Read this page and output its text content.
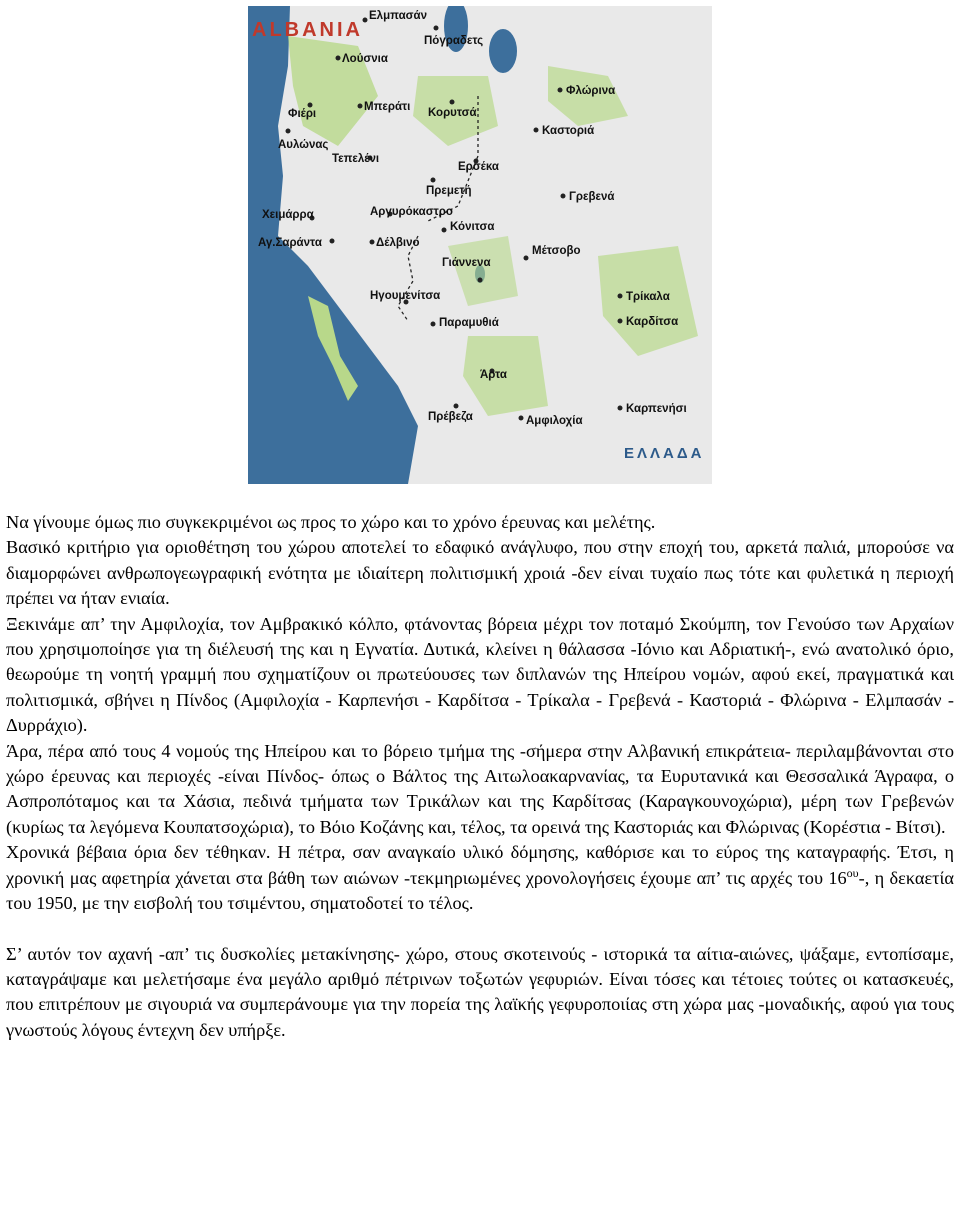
ALBANIA
ΕΛΛΑΔΑ
Ελμπασάν
Λούσνια
Πόγραδετς
Φλώρινα
Φιέρι
Μπεράτι Κορυτσά
Αυλώνας
Καστοριά
Τεπελένι
Ερσέκα
Πρεμετή
Χειμάρρα	Αργυρόκαστρο
Γρεβενά
Κόνιτσα
Αγ.Σαράντα	Δέλβινο
Μέτσοβο
Γιάννενα
Τρίκαλα
Ηγουμενίτσα
Καρδίτσα
Παραμυθιά
Άρτα
Πρέβεζα
Καρπενήσι
Αμφιλοχία

Να γίνουμε όμως πιο συγκεκριμένοι ως προς το χώρο και το χρόνο έρευνας και μελέτης.

Βασικό κριτήριο για οριοθέτηση του χώρου αποτελεί το εδαφικό ανάγλυφο, που στην εποχή του, αρκετά παλιά, μπορούσε να διαμορφώνει ανθρωπογεωγραφική ενότητα με ιδιαίτερη πολιτισμική χροιά -δεν είναι τυχαίο πως τότε και φυλετικά η περιοχή πρέπει να ήταν ενιαία.

Ξεκινάμε απ’ την Αμφιλοχία, τον Αμβρακικό κόλπο, φτάνοντας βόρεια μέχρι τον ποταμό Σκούμπη, τον Γενούσο των Αρχαίων που χρησιμοποίησε για τη διέλευσή της και η Εγνατία. Δυτικά, κλείνει η θάλασσα -Ιόνιο και Αδριατική-, ενώ ανατολικό όριο, θεωρούμε τη νοητή γραμμή που σχηματίζουν οι πρωτεύουσες των διπλανών της Ηπείρου νομών, αφού εκεί, πραγματικά και πολιτισμικά, σβήνει η Πίνδος (Αμφιλοχία - Καρπενήσι - Καρδίτσα - Τρίκαλα - Γρεβενά - Καστοριά - Φλώρινα - Ελμπασάν - Δυρράχιο).

Άρα, πέρα από τους 4 νομούς της Ηπείρου και το βόρειο τμήμα της -σήμερα στην Αλβανική επικράτεια- περιλαμβάνονται στο χώρο έρευνας και περιοχές -είναι Πίνδος- όπως ο Βάλτος της Αιτωλοακαρνανίας, τα Ευρυτανικά και Θεσσαλικά Άγραφα, ο Ασπροπόταμος και τα Χάσια, πεδινά τμήματα των Τρικάλων και της Καρδίτσας (Καραγκουνοχώρια), μέρη των Γρεβενών (κυρίως τα λεγόμενα Κουπατσοχώρια), το Βόιο Κοζάνης και, τέλος, τα ορεινά της Καστοριάς και Φλώρινας (Κορέστια - Βίτσι).

Χρονικά βέβαια όρια δεν τέθηκαν. Η πέτρα, σαν αναγκαίο υλικό δόμησης, καθόρισε και το εύρος της καταγραφής. Έτσι, η χρονική μας αφετηρία χάνεται στα βάθη των αιώνων -τεκμηριωμένες χρονολογήσεις έχουμε απ’ τις αρχές του $16^{o\upsilon}-$, η δεκαετία του 1950, με την εισβολή του τσιμέντου, σηματοδοτεί το τέλος.

Σ’ αυτόν τον αχανή -απ’ τις δυσκολίες μετακίνησης- χώρο, στους σκοτεινούς - ιστορικά τα αίτια-αιώνες, ψάξαμε, εντοπίσαμε, καταγράψαμε και μελετήσαμε ένα μεγάλο αριθμό πέτρινων τοξωτών γεφυριών. Είναι τόσες και τέτοιες τούτες οι κατασκευές, που επιτρέπουν με σιγουριά να συμπεράνουμε για την πορεία της λαϊκής γεφυροποιίας στη χώρα μας -μοναδικής, αφού για τους γνωστούς λόγους έντεχνη δεν υπήρξε.
